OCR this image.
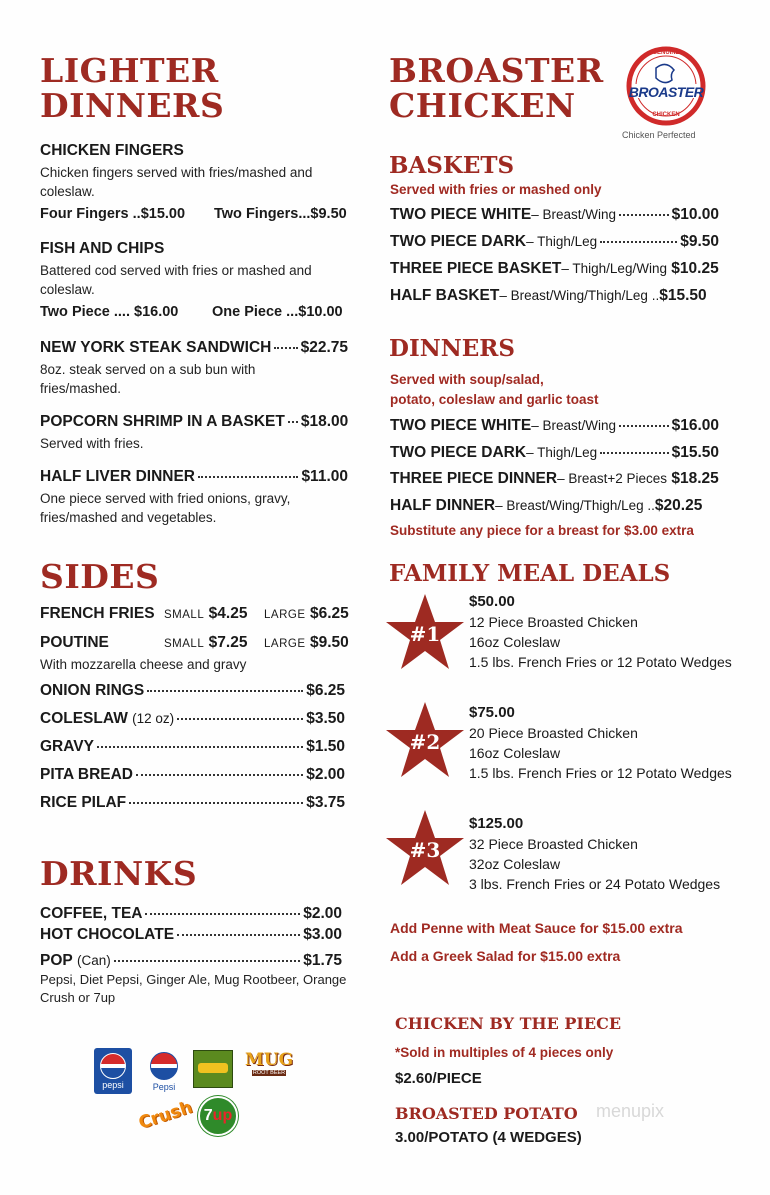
LIGHTER
DINNERS
CHICKEN FINGERS
Chicken fingers served with fries/mashed and coleslaw.
Four Fingers ..$15.00 Two Fingers...$9.50
FISH AND CHIPS
Battered cod served with fries or mashed and coleslaw.
Two Piece .... $16.00 One Piece ...$10.00
NEW YORK STEAK SANDWICH $22.75
8oz. steak served on a sub bun with fries/mashed.
POPCORN SHRIMP IN A BASKET $18.00
Served with fries.
HALF LIVER DINNER	$11.00
One piece served with fried onions, gravy, fries/mashed and vegetables.
SIDES
FRENCH FRIES SMALL $4.25 LARGE $6.25
POUTINE	SMALL $7.25 LARGE $9.50
With mozzarella cheese and gravy
ONION RINGS	$6.25
COLESLAW
(12 oz)	$3.50
GRAVY	$1.50
PITA BREAD	$2.00
RICE PILAF	$3.75
DRINKS
COFFEE, TEA	$2.00
HOT CHOCOLATE	$3.00
POP
(Can)	$1.75
Pepsi, Diet Pepsi, Ginger Ale, Mug Rootbeer, Orange Crush or 7up
pepsi	Pepsi
MUG
ROOT BEER
Crush 7up
BROASTER
CHICKEN	BROASTER
GENUINE
CHICKEN
Chicken Perfected
BASKETS
Served with fries or mashed only
TWO PIECE WHITE – Breast/Wing	$10.00
TWO PIECE DARK – Thigh/Leg	$9.50
THREE PIECE BASKET – Thigh/Leg/Wing
$10.25
HALF BASKET – Breast/Wing/Thigh/Leg .. $15.50
DINNERS
Served with soup/salad,
potato, coleslaw and garlic toast
TWO PIECE WHITE – Breast/Wing	$16.00
TWO PIECE DARK – Thigh/Leg	$15.50
THREE PIECE DINNER – Breast+2 Pieces
$18.25
HALF DINNER – Breast/Wing/Thigh/Leg .. $20.25
Substitute any piece for a breast for $3.00 extra
FAMILY MEAL DEALS
#1
$50.00
12 Piece Broasted Chicken
16oz Coleslaw
1.5 lbs. French Fries or 12 Potato Wedges
#2
$75.00
20 Piece Broasted Chicken
16oz Coleslaw
1.5 lbs. French Fries or 12 Potato Wedges
#3
$125.00
32 Piece Broasted Chicken
32oz Coleslaw
3 lbs. French Fries or 24 Potato Wedges
Add Penne with Meat Sauce for $15.00 extra
Add a Greek Salad for $15.00 extra
CHICKEN BY THE PIECE
*Sold in multiples of 4 pieces only
$2.60/PIECE
BROASTED POTATO
3.00/POTATO (4 WEDGES)
menupix
